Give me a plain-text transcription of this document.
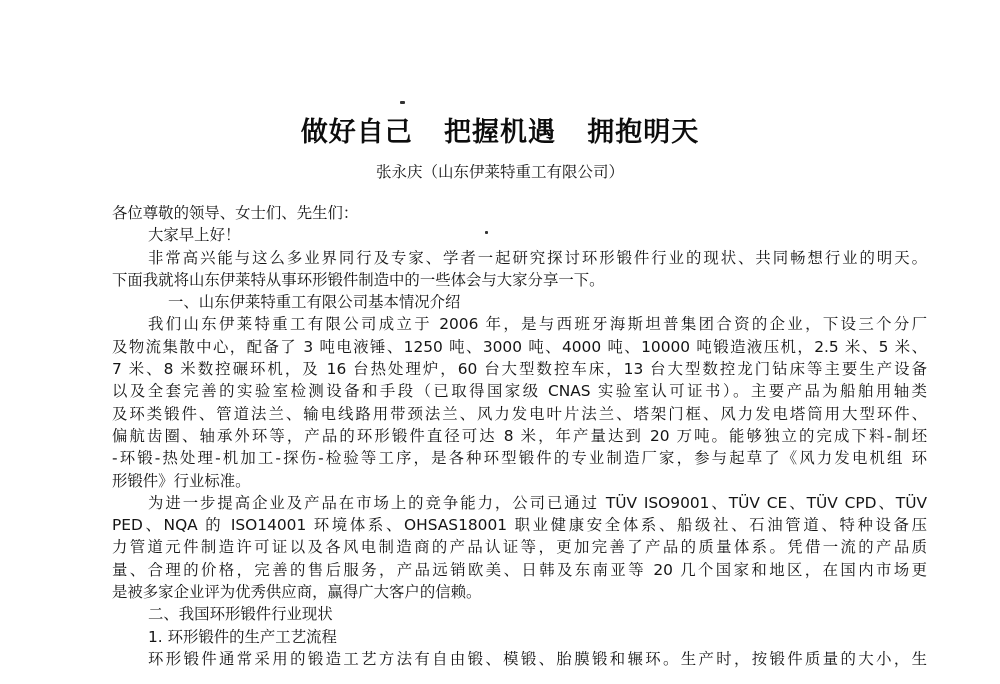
做好自己 把握机遇 拥抱明天
张永庆（山东伊莱特重工有限公司）
各位尊敬的领导、女士们、先生们：
大家早上好！
非常高兴能与这么多业界同行及专家、学者一起研究探讨环形锻件行业的现状、共同畅想行业的明天。
下面我就将山东伊莱特从事环形锻件制造中的一些体会与大家分享一下。
一、山东伊莱特重工有限公司基本情况介绍
我们山东伊莱特重工有限公司成立于 2006 年，是与西班牙海斯坦普集团合资的企业，下设三个分厂
及物流集散中心，配备了 3 吨电液锤、1250 吨、3000 吨、4000 吨、10000 吨锻造液压机，2.5 米、5 米、
7 米、8 米数控碾环机，及 16 台热处理炉，60 台大型数控车床，13 台大型数控龙门钻床等主要生产设备
以及全套完善的实验室检测设备和手段（已取得国家级 CNAS 实验室认可证书）。主要产品为船舶用轴类
及环类锻件、管道法兰、输电线路用带颈法兰、风力发电叶片法兰、塔架门框、风力发电塔筒用大型环件、
偏航齿圈、轴承外环等，产品的环形锻件直径可达 8 米，年产量达到 20 万吨。能够独立的完成下料-制坯
-环锻-热处理-机加工-探伤-检验等工序，是各种环型锻件的专业制造厂家，参与起草了《风力发电机组 环
形锻件》行业标准。
为进一步提高企业及产品在市场上的竞争能力，公司已通过 TÜV ISO9001、TÜV CE、TÜV CPD、TÜV
PED、NQA 的 ISO14001 环境体系、OHSAS18001 职业健康安全体系、船级社、石油管道、特种设备压
力管道元件制造许可证以及各风电制造商的产品认证等，更加完善了产品的质量体系。凭借一流的产品质
量、合理的价格，完善的售后服务，产品远销欧美、日韩及东南亚等 20 几个国家和地区，在国内市场更
是被多家企业评为优秀供应商，赢得广大客户的信赖。
二、我国环形锻件行业现状
1. 环形锻件的生产工艺流程
环形锻件通常采用的锻造工艺方法有自由锻、模锻、胎膜锻和辗环。生产时，按锻件质量的大小，生
